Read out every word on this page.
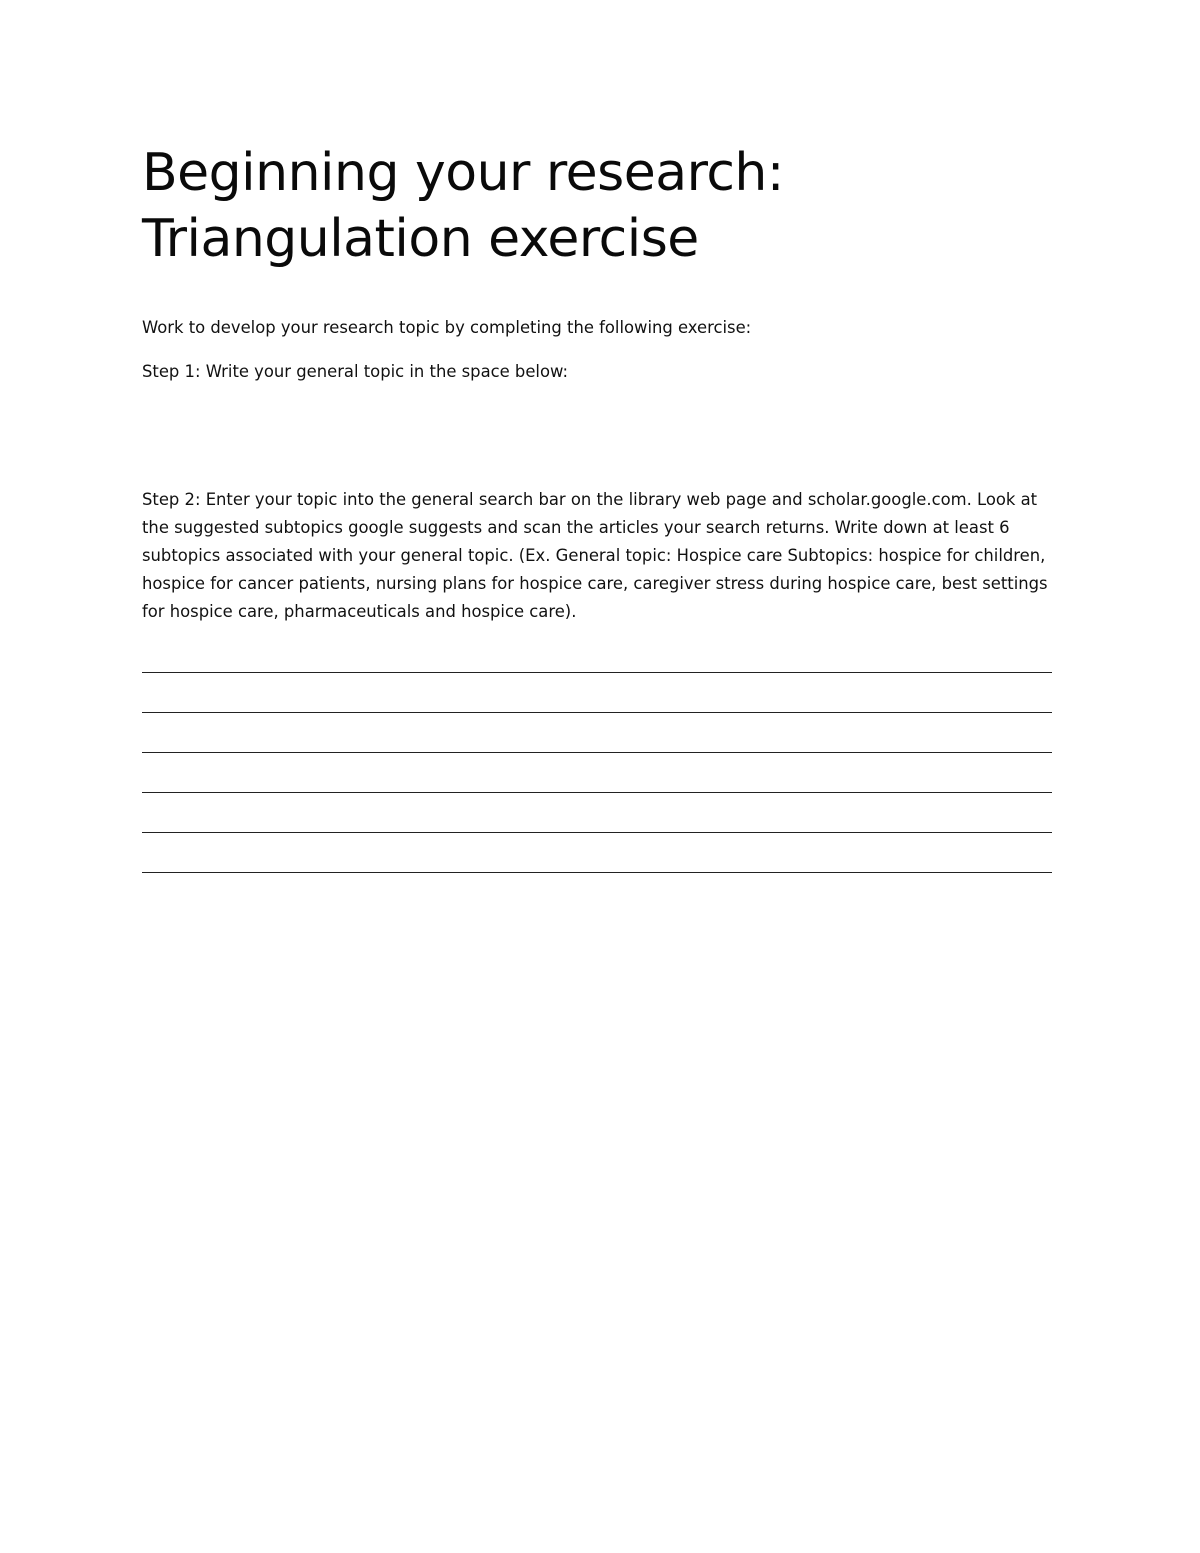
Beginning your research:
Triangulation exercise

Work to develop your research topic by completing the following exercise:

Step 1: Write your general topic in the space below:

Step 2: Enter your topic into the general search bar on the library web page and scholar.google.com. Look at the suggested subtopics google suggests and scan the articles your search returns. Write down at least 6 subtopics associated with your general topic. (Ex. General topic: Hospice care Subtopics: hospice for children, hospice for cancer patients, nursing plans for hospice care, caregiver stress during hospice care, best settings for hospice care, pharmaceuticals and hospice care).
